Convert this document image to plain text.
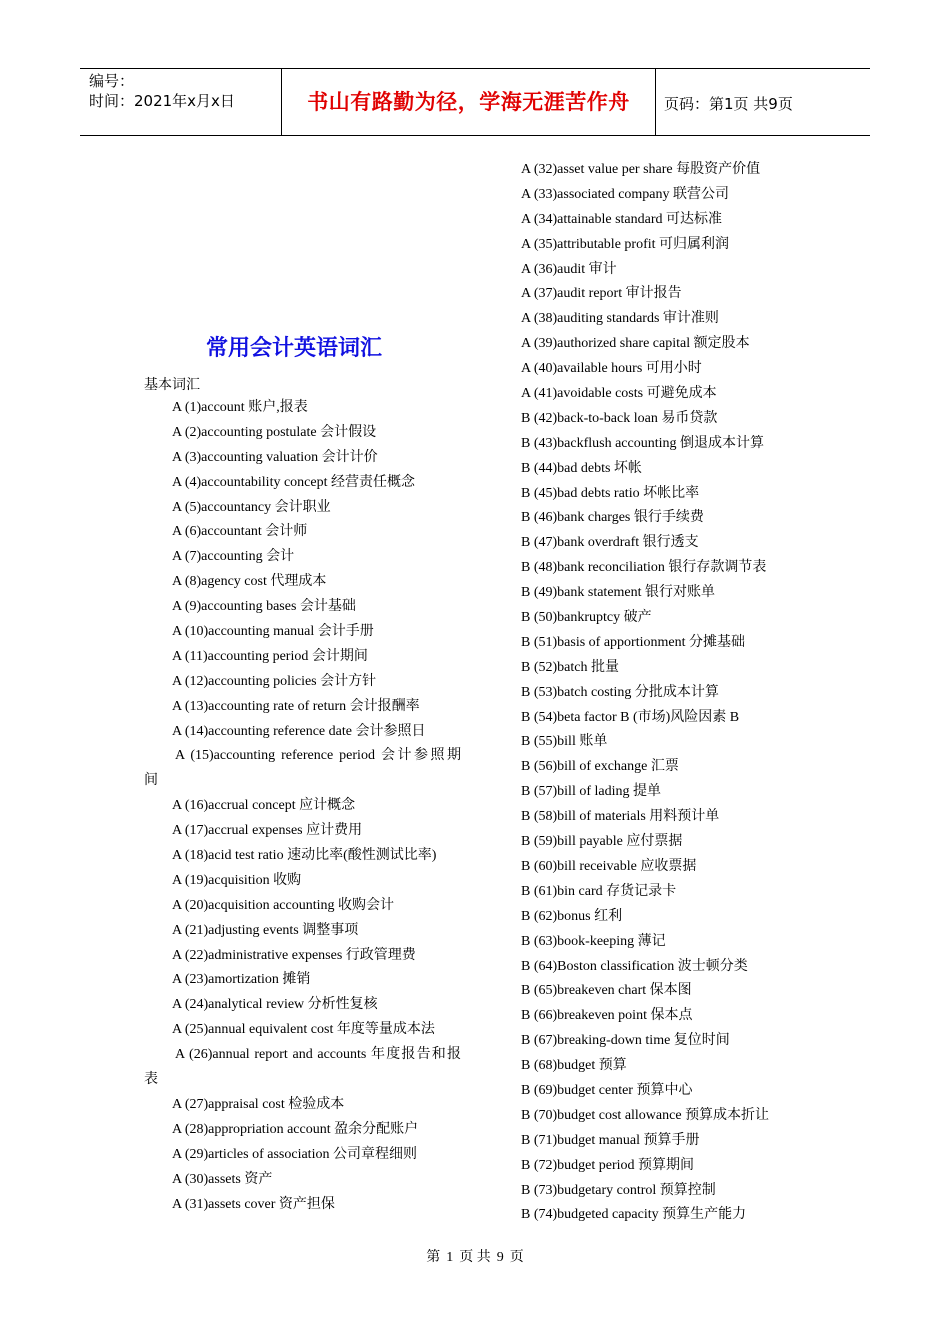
编号：
时间：2021年x月x日	书山有路勤为径，学海无涯苦作舟	页码：第1页 共9页
常用会计英语词汇
基本词汇
A (1)account 账户,报表
A (2)accounting postulate 会计假设
A (3)accounting valuation 会计计价
A (4)accountability concept 经营责任概念
A (5)accountancy 会计职业
A (6)accountant 会计师
A (7)accounting 会计
A (8)agency cost 代理成本
A (9)accounting bases 会计基础
A (10)accounting manual 会计手册
A (11)accounting period 会计期间
A (12)accounting policies 会计方针
A (13)accounting rate of return 会计报酬率
A (14)accounting reference date 会计参照日
A (15)accounting reference period 会计参照期
间
A (16)accrual concept 应计概念
A (17)accrual expenses 应计费用
A (18)acid test ratio 速动比率(酸性测试比率)
A (19)acquisition 收购
A (20)acquisition accounting 收购会计
A (21)adjusting events 调整事项
A (22)administrative expenses 行政管理费
A (23)amortization 摊销
A (24)analytical review 分析性复核
A (25)annual equivalent cost 年度等量成本法
A (26)annual report and accounts 年度报告和报
表
A (27)appraisal cost 检验成本
A (28)appropriation account 盈余分配账户
A (29)articles of association 公司章程细则
A (30)assets 资产
A (31)assets cover 资产担保
A (32)asset value per share 每股资产价值
A (33)associated company 联营公司
A (34)attainable standard 可达标准
A (35)attributable profit 可归属利润
A (36)audit 审计
A (37)audit report 审计报告
A (38)auditing standards 审计准则
A (39)authorized share capital 额定股本
A (40)available hours 可用小时
A (41)avoidable costs 可避免成本
B (42)back-to-back loan 易币贷款
B (43)backflush accounting 倒退成本计算
B (44)bad debts 坏帐
B (45)bad debts ratio 坏帐比率
B (46)bank charges 银行手续费
B (47)bank overdraft 银行透支
B (48)bank reconciliation 银行存款调节表
B (49)bank statement 银行对账单
B (50)bankruptcy 破产
B (51)basis of apportionment 分摊基础
B (52)batch 批量
B (53)batch costing 分批成本计算
B (54)beta factor B (市场)风险因素 B
B (55)bill 账单
B (56)bill of exchange 汇票
B (57)bill of lading 提单
B (58)bill of materials 用料预计单
B (59)bill payable 应付票据
B (60)bill receivable 应收票据
B (61)bin card 存货记录卡
B (62)bonus 红利
B (63)book-keeping 薄记
B (64)Boston classification 波士顿分类
B (65)breakeven chart 保本图
B (66)breakeven point 保本点
B (67)breaking-down time 复位时间
B (68)budget 预算
B (69)budget center 预算中心
B (70)budget cost allowance 预算成本折让
B (71)budget manual 预算手册
B (72)budget period 预算期间
B (73)budgetary control 预算控制
B (74)budgeted capacity 预算生产能力
第 1 页 共 9 页
